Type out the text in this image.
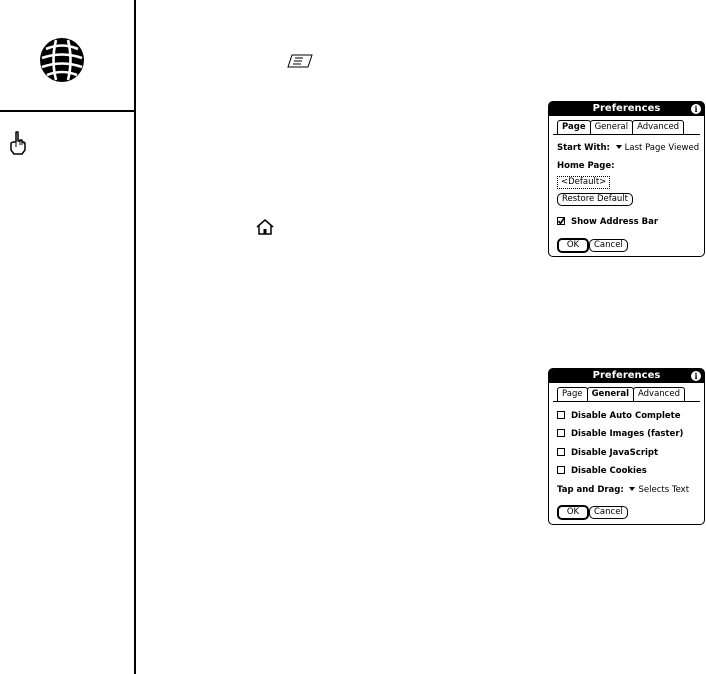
Preferences	i
Page	General	Advanced
Start With: Last Page Viewed
Home Page:
<Default>
Restore Default
Show Address Bar
OK	Cancel
Preferences	i
Page	General	Advanced
Disable Auto Complete
Disable Images (faster)
Disable JavaScript
Disable Cookies
Tap and Drag: Selects Text
OK	Cancel
